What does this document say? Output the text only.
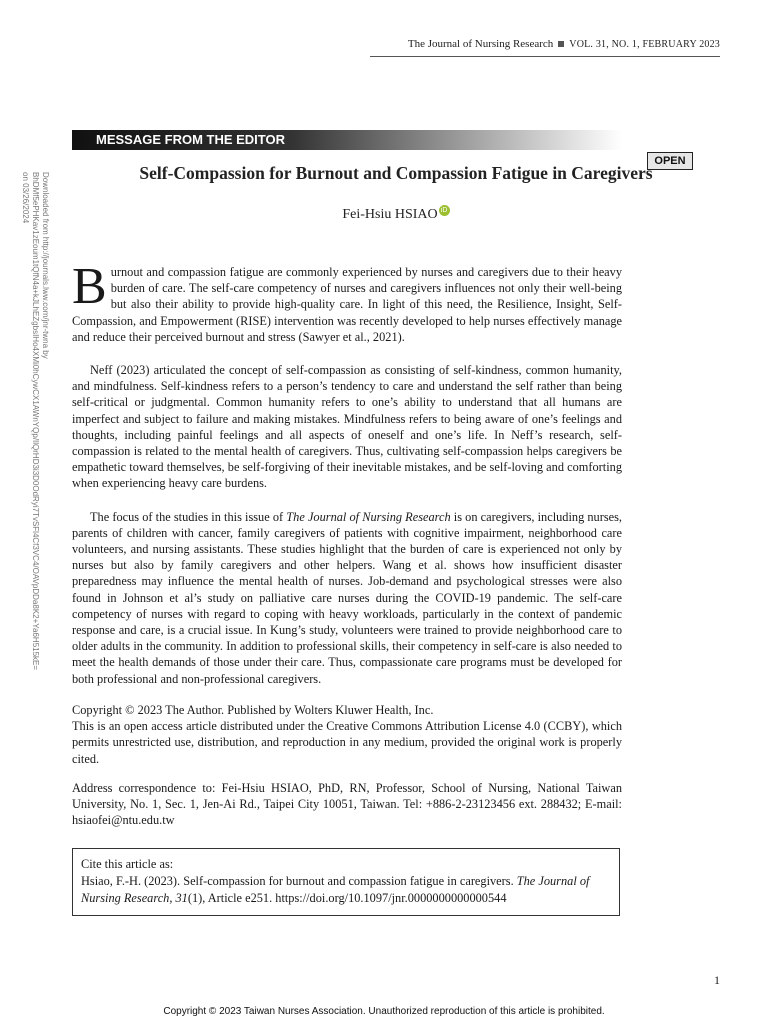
The Journal of Nursing Research VOL. 31, NO. 1, FEBRUARY 2023
Downloaded from http://journals.lww.com/jnr-twna by BhDMf5ePHKav1zEoum1tQfN4a+kJLhEZgbsIHo4XMi0hCywCX1AWnYQp/IlQrHD3i3D0OdRyi7TvSFl4Cf3VC4/OAVpDDa8K2+Ya6H515kE= on 03/26/2024
MESSAGE FROM THE EDITOR
OPEN
Self-Compassion for Burnout and Compassion Fatigue in Caregivers
Fei-Hsiu HSIAO iD

Burnout and compassion fatigue are commonly experienced by nurses and caregivers due to their heavy burden of care. The self-care competency of nurses and caregivers influences not only their well-being but also their ability to provide high-quality care. In light of this need, the Resilience, Insight, Self-Compassion, and Empowerment (RISE) intervention was recently developed to help nurses effectively manage and reduce their perceived burnout and stress (Sawyer et al., 2021).

Neff (2023) articulated the concept of self-compassion as consisting of self-kindness, common humanity, and mindfulness. Self-kindness refers to a person’s tendency to care and understand the self rather than being self-critical or judgmental. Common humanity refers to one’s ability to understand that all humans are imperfect and subject to failure and making mistakes. Mindfulness refers to being aware of one’s feelings and thoughts, including painful feelings and all aspects of oneself and one’s life. In Neff’s research, self-compassion is related to the mental health of caregivers. Thus, cultivating self-compassion helps caregivers be empathetic toward themselves, be self-forgiving of their inevitable mistakes, and be self-loving and comforting when experiencing heavy care burdens.

The focus of the studies in this issue of The Journal of Nursing Research is on caregivers, including nurses, parents of children with cancer, family caregivers of patients with cognitive impairment, neighborhood care volunteers, and nursing assistants. These studies highlight that the burden of care is experienced not only by nurses but also by family caregivers and other helpers. Wang et al. shows how insufficient disaster preparedness may influence the mental health of nurses. Job-demand and psychological stresses were also found in Johnson et al’s study on palliative care nurses during the COVID-19 pandemic. The self-care competency of nurses with regard to coping with heavy workloads, particularly in the context of pandemic response and care, is a crucial issue. In Kung’s study, volunteers were trained to provide neighborhood care to older adults in the community. In addition to professional skills, their competency in self-care is also needed to meet the health demands of those under their care. Thus, compassionate care programs must be developed for both professional and non-professional caregivers.

Copyright © 2023 The Author. Published by Wolters Kluwer Health, Inc.

This is an open access article distributed under the Creative Commons Attribution License 4.0 (CCBY), which permits unrestricted use, distribution, and reproduction in any medium, provided the original work is properly cited.

Address correspondence to: Fei-Hsiu HSIAO, PhD, RN, Professor, School of Nursing, National Taiwan University, No. 1, Sec. 1, Jen-Ai Rd., Taipei City 10051, Taiwan. Tel: +886-2-23123456 ext. 288432; E-mail: hsiaofei@ntu.edu.tw

Cite this article as:

Hsiao, F.-H. (2023). Self-compassion for burnout and compassion fatigue in caregivers. The Journal of Nursing Research, 31(1), Article e251. https://doi.org/10.1097/jnr.0000000000000544

1
Copyright © 2023 Taiwan Nurses Association. Unauthorized reproduction of this article is prohibited.
